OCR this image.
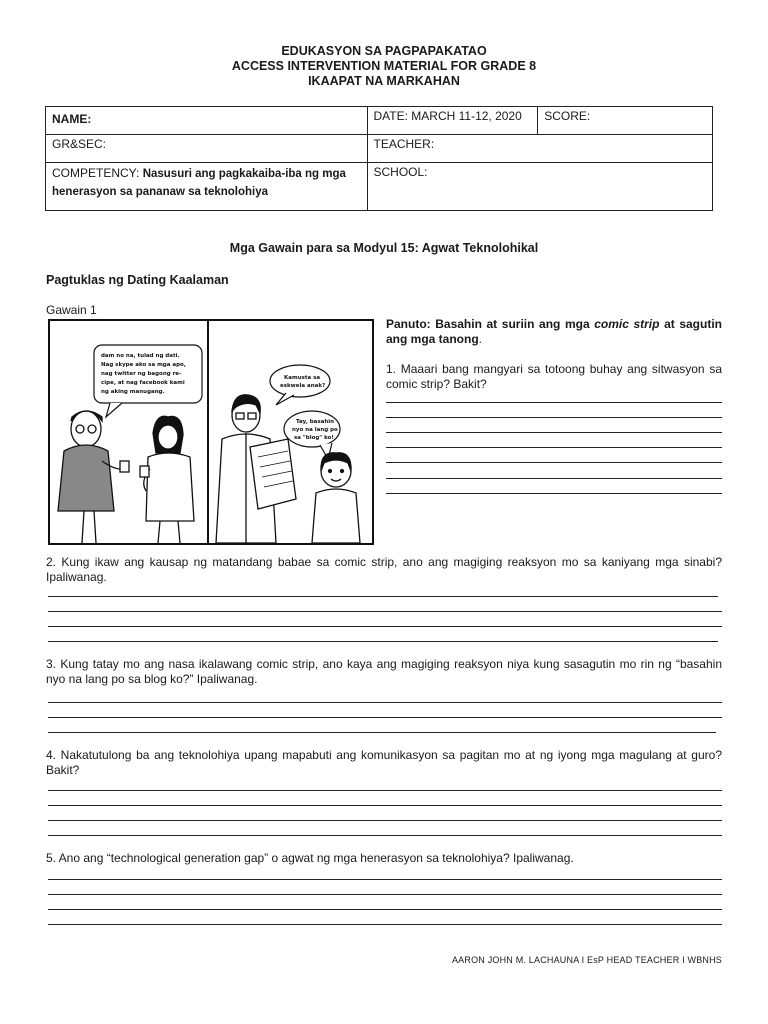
EDUKASYON SA PAGPAPAKATAO
ACCESS INTERVENTION MATERIAL FOR GRADE 8
IKAAPAT NA MARKAHAN
NAME:	DATE: MARCH 11-12, 2020	SCORE:
GR&SEC:	TEACHER:	
COMPETENCY: Nasusuri ang pagkakaiba-iba ng mga henerasyon sa pananaw sa teknolohiya	SCHOOL:	
Mga Gawain para sa Modyul 15: Agwat Teknolohikal
Pagtuklas ng Dating Kaalaman
Gawain 1
dam no na, tulad ng dati.
Nag skype ako sa mga apo,
nag twitter ng bagong re-
cipe, at nag facebook kami
ng aking manugang.
Kamusta sa
eskwela anak?
Tay, basahin
nyo na lang po
sa "blog" ko!
Panuto: Basahin at suriin ang mga comic strip at sagutin ang mga tanong.
1. Maaari bang mangyari sa totoong buhay ang sitwasyon sa comic strip? Bakit?
2. Kung ikaw ang kausap ng matandang babae sa comic strip, ano ang magiging reaksyon mo sa kaniyang mga sinabi? Ipaliwanag.
3. Kung tatay mo ang nasa ikalawang comic strip, ano kaya ang magiging reaksyon niya kung sasagutin mo rin ng “basahin nyo na lang po sa blog ko?” Ipaliwanag.
4. Nakatutulong ba ang teknolohiya upang mapabuti ang komunikasyon sa pagitan mo at ng iyong mga magulang at guro? Bakit?
5. Ano ang “technological generation gap” o agwat ng mga henerasyon sa teknolohiya? Ipaliwanag.
AARON JOHN M. LACHAUNA I EsP HEAD TEACHER I WBNHS
